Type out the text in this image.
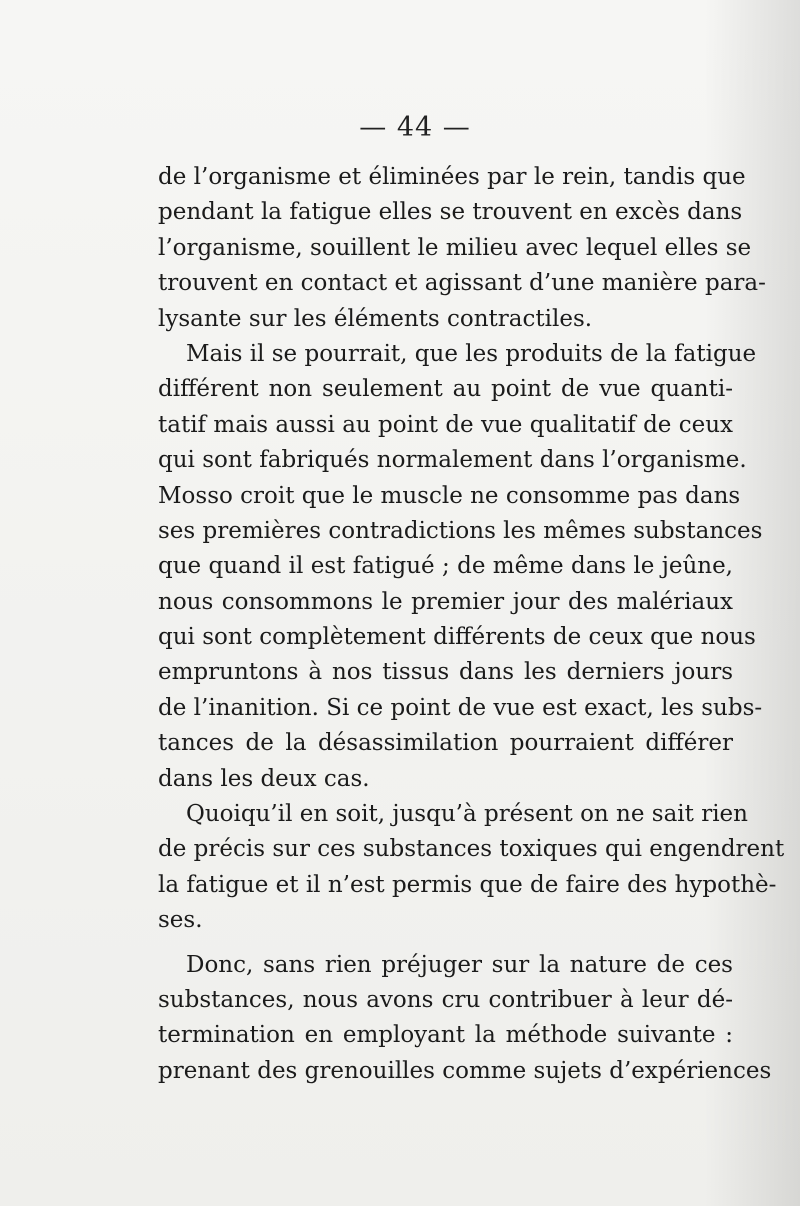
— 44 —
de l’organisme et éliminées par le rein, tandis que
pendant la fatigue elles se trouvent en excès dans
l’organisme, souillent le milieu avec lequel elles se
trouvent en contact et agissant d’une manière para-
lysante sur les éléments contractiles.
Mais il se pourrait, que les produits de la fatigue
différent non seulement au point de vue quanti-
tatif mais aussi au point de vue qualitatif de ceux
qui sont fabriqués normalement dans l’organisme.
Mosso croit que le muscle ne consomme pas dans
ses premières contradictions les mêmes substances
que quand il est fatigué ; de même dans le jeûne,
nous consommons le premier jour des malériaux
qui sont complètement différents de ceux que nous
empruntons à nos tissus dans les derniers jours
de l’inanition. Si ce point de vue est exact, les subs-
tances de la désassimilation pourraient différer
dans les deux cas.
Quoiqu’il en soit, jusqu’à présent on ne sait rien
de précis sur ces substances toxiques qui engendrent
la fatigue et il n’est permis que de faire des hypothè-
ses.
Donc, sans rien préjuger sur la nature de ces
substances, nous avons cru contribuer à leur dé-
termination en employant la méthode suivante :
prenant des grenouilles comme sujets d’expériences
